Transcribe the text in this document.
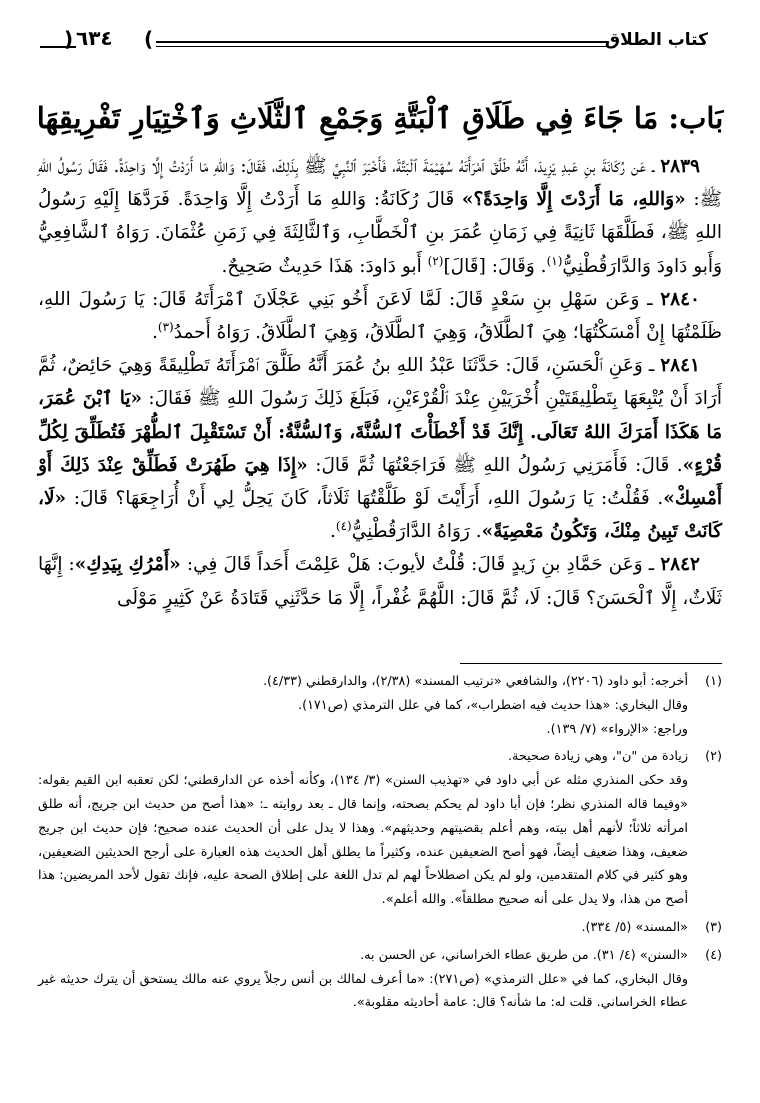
كتاب الطلاق
)
٦٣٤
(
بَاب: مَا جَاءَ فِي طَلَاقِ ٱلْبَتَّةِ وَجَمْعِ ٱلثَّلَاثِ وَٱخْتِيَارِ تَفْرِيقِهَا

٢٨٣٩ ـ عَن رُكَانَةَ بنِ عَبدِ يَزِيدَ، أَنَّهُ طَلَّقَ ٱمْرَأَتَهُ سُهَيْمَةَ ٱلْبَتَّةَ، فَأَخْبَرَ ٱلنَّبِيَّ ﷺ بِذَلِكَ، فَقَالَ: وَاللهِ مَا أَرَدْتُ إِلَّا وَاحِدَةً. فَقَالَ رَسُولُ اللهِ ﷺ: «وَاللهِ، مَا أَرَدْتَ إِلَّا وَاحِدَةً؟» قَالَ رُكَانَةُ: وَاللهِ مَا أَرَدْتُ إِلَّا وَاحِدَةً. فَرَدَّهَا إِلَيْهِ رَسُولُ اللهِ ﷺ، فَطَلَّقَهَا ثَانِيَةً فِي زَمَانِ عُمَرَ بنِ ٱلْخَطَّابِ، وَٱلثَّالِثَةَ فِي زَمَنِ عُثْمَانَ. رَوَاهُ ٱلشَّافِعِيُّ وَأَبو دَاودَ وَالدَّارَقُطْنِيُّ$^{(١)}$. وَقَالَ: [قَالَ]$^{(٢)}$ أَبو دَاودَ: هَذَا حَدِيثٌ صَحِيحٌ.

٢٨٤٠ ـ وَعَن سَهْلِ بنِ سَعْدٍ قَالَ: لَمَّا لَاعَنَ أَخُو بَنِي عَجْلَانَ ٱمْرَأَتَهُ قَالَ: يَا رَسُولَ اللهِ، ظَلَمْتُهَا إِنْ أَمْسَكْتُهَا؛ هِيَ ٱلطَّلَاقُ، وَهِيَ ٱلطَّلَاقُ، وَهِيَ ٱلطَّلَاقُ. رَوَاهُ أَحمدُ$^{(٣)}$.

٢٨٤١ ـ وَعَنِ ٱلْحَسَنِ، قَالَ: حَدَّثَنَا عَبْدُ اللهِ بنُ عُمَرَ أَنَّهُ طَلَّقَ ٱمْرَأَتَهُ تَطْلِيقَةً وَهِيَ حَائِضٌ، ثُمَّ أَرَادَ أَنْ يُتْبِعَهَا بِتَطْلِيقَتَيْنِ أُخْرَيَيْنِ عِنْدَ ٱلْقُرْءَيْنِ، فَبَلَغَ ذَلِكَ رَسُولَ اللهِ ﷺ فَقَالَ: «يَا ٱبْنَ عُمَرَ، مَا هَكَذَا أَمَرَكَ اللهُ تَعَالَى. إِنَّكَ قَدْ أَخْطَأْتَ ٱلسُّنَّةَ، وَٱلسُّنَّةُ: أَنْ تَسْتَقْبِلَ ٱلطُّهْرَ فَتُطَلِّقَ لِكُلِّ قُرْءٍ». قَالَ: فَأَمَرَنِي رَسُولُ اللهِ ﷺ فَرَاجَعْتُهَا ثُمَّ قَالَ: «إِذَا هِيَ طَهُرَتْ فَطَلِّقْ عِنْدَ ذَلِكَ أَوْ أَمْسِكْ». فَقُلْتُ: يَا رَسُولَ اللهِ، أَرَأَيْتَ لَوْ طَلَّقْتُهَا ثَلَاثاً، كَانَ يَحِلُّ لِي أَنْ أُرَاجِعَهَا؟ قَالَ: «لَا، كَانَتْ تَبِينُ مِنْكَ، وَتَكُونُ مَعْصِيَةً». رَوَاهُ الدَّارَقُطْنِيُّ$^{(٤)}$.

٢٨٤٢ ـ وَعَن حَمَّادِ بنِ زَيدٍ قَالَ: قُلْتُ لأيوبَ: هَلْ عَلِمْتَ أَحَداً قَالَ فِي: «أَمْرُكِ بِيَدِكِ»: إِنَّهَا ثَلَاثٌ، إِلَّا ٱلْحَسَنَ؟ قَالَ: لَا، ثُمَّ قَالَ: اللَّهُمَّ غُفْراً، إِلَّا مَا حَدَّثَنِي قَتَادَةُ عَنْ كَثِيرٍ مَوْلَى

(١)
أخرجه: أبو داود (٢٢٠٦)، والشافعي «ترتيب المسند» (٢/٣٨)، والدارقطني (٤/٣٣).
وقال البخاري: «هذا حديث فيه اضطراب»، كما في علل الترمذي (ص١٧١).
وراجع: «الإرواء» (٧/ ١٣٩).
(٢)
زيادة من "ن"، وهي زيادة صحيحة.
وقد حكى المنذري مثله عن أبي داود في «تهذيب السنن» (٣/ ١٣٤)، وكأنه أخذه عن الدارقطني؛ لكن تعقبه ابن القيم بقوله: «وفيما قاله المنذري نظر؛ فإن أبا داود لم يحكم بصحته، وإنما قال ـ بعد روايته ـ: «هذا أصح من حديث ابن جريج، أنه طلق امرأته ثلاثاً؛ لأنهم أهل بيته، وهم أعلم بقضيتهم وحديثهم». وهذا لا يدل على أن الحديث عنده صحيح؛ فإن حديث ابن جريج ضعيف، وهذا ضعيف أيضاً، فهو أصح الضعيفين عنده، وكثيراً ما يطلق أهل الحديث هذه العبارة على أرجح الحديثين الضعيفين، وهو كثير في كلام المتقدمين، ولو لم يكن اصطلاحاً لهم لم تدل اللغة على إطلاق الصحة عليه، فإنك تقول لأحد المريضين: هذا أصح من هذا، ولا يدل على أنه صحيح مطلقاً». والله أعلم».
(٣)
«المسند» (٥/ ٣٣٤).
(٤)
«السنن» (٤/ ٣١). من طريق عطاء الخراساني، عن الحسن به.
وقال البخاري، كما في «علل الترمذي» (ص٢٧١): «ما أعرف لمالك بن أنس رجلاً يروي عنه مالك يستحق أن يترك حديثه غير عطاء الخراساني. قلت له: ما شأنه؟ قال: عامة أحاديثه مقلوبة».
